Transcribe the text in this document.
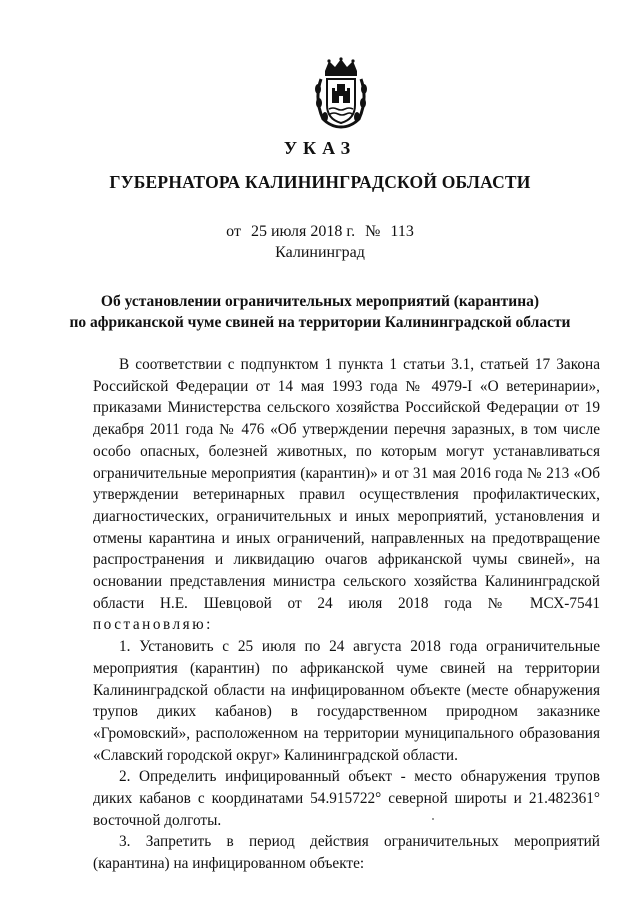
УКАЗ
ГУБЕРНАТОРА КАЛИНИНГРАДСКОЙ ОБЛАСТИ
от 25 июля 2018 г. № 113
Калининград
Об установлении ограничительных мероприятий (карантина)
по африканской чуме свиней на территории Калининградской области

В соответствии с подпунктом 1 пункта 1 статьи 3.1, статьей 17 Закона Российской Федерации от 14 мая 1993 года № 4979-I «О ветеринарии», приказами Министерства сельского хозяйства Российской Федерации от 19 декабря 2011 года № 476 «Об утверждении перечня заразных, в том числе особо опасных, болезней животных, по которым могут устанавливаться ограничительные мероприятия (карантин)» и от 31 мая 2016 года № 213 «Об утверждении ветеринарных правил осуществления профилактических, диагностических, ограничительных и иных мероприятий, установления и отмены карантина и иных ограничений, направленных на предотвращение распространения и ликвидацию очагов африканской чумы свиней», на основании представления министра сельского хозяйства Калининградской области Н.Е. Шевцовой от 24 июля 2018 года № МСХ-7541 постановляю:

1. Установить с 25 июля по 24 августа 2018 года ограничительные мероприятия (карантин) по африканской чуме свиней на территории Калининградской области на инфицированном объекте (месте обнаружения трупов диких кабанов) в государственном природном заказнике «Громовский», расположенном на территории муниципального образования «Славский городской округ» Калининградской области.

2. Определить инфицированный объект - место обнаружения трупов диких кабанов с координатами 54.915722° северной широты и 21.482361° восточной долготы.

3. Запретить в период действия ограничительных мероприятий (карантина) на инфицированном объекте:
